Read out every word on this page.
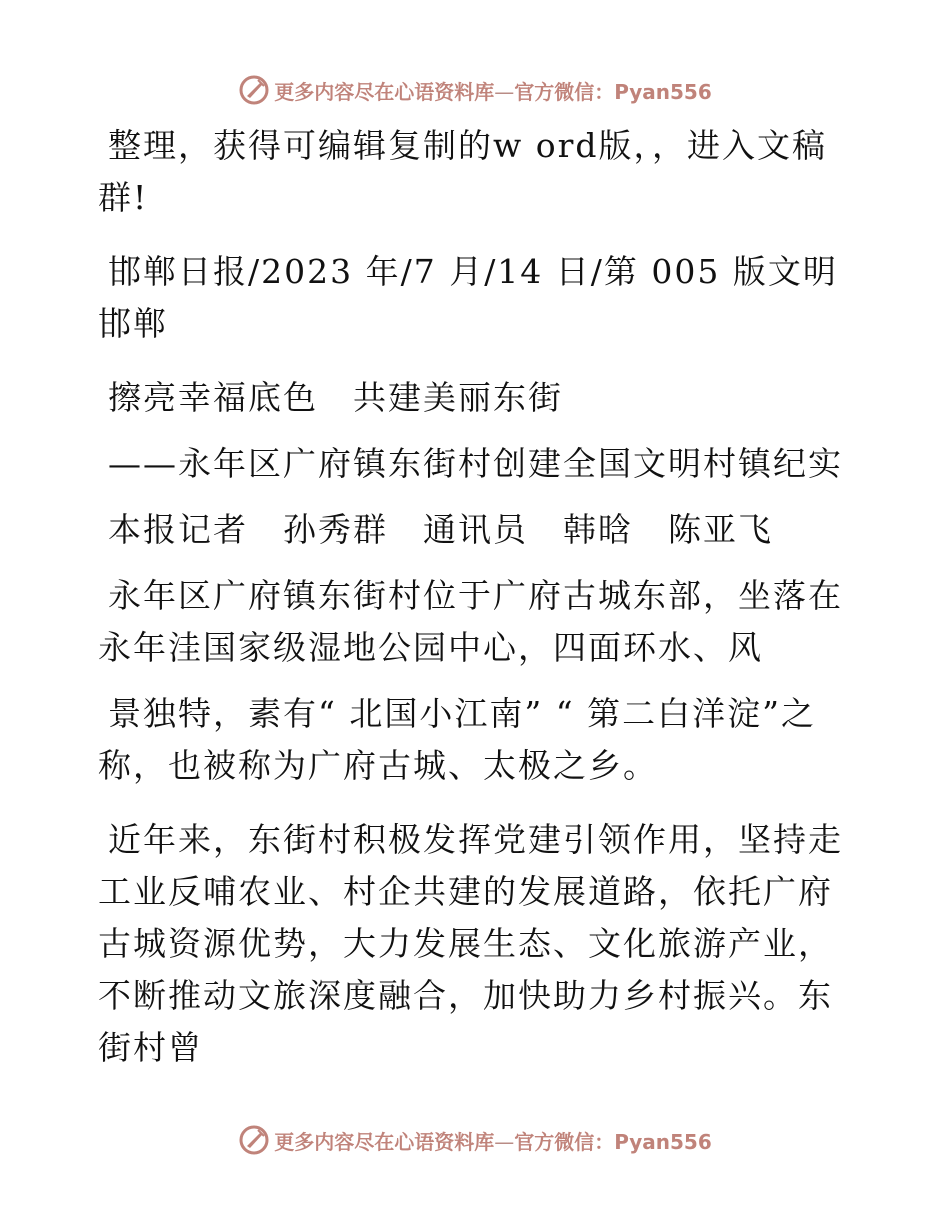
更多内容尽在心语资料库—官方微信：Pyan556

整理，获得可编辑复制的w ord版，，进入文稿群!

邯郸日报/2023 年/7 月/14 日/第 005 版文明邯郸

擦亮幸福底色　共建美丽东街

——永年区广府镇东街村创建全国文明村镇纪实

本报记者　孙秀群　通讯员　韩晗　陈亚飞

永年区广府镇东街村位于广府古城东部，坐落在永年洼国家级湿地公园中心，四面环水、风

景独特，素有“ 北国小江南” “ 第二白洋淀”之称，也被称为广府古城、太极之乡。

近年来，东街村积极发挥党建引领作用，坚持走工业反哺农业、村企共建的发展道路，依托广府古城资源优势，大力发展生态、文化旅游产业，不断推动文旅深度融合，加快助力乡村振兴。东街村曾

更多内容尽在心语资料库—官方微信：Pyan556
